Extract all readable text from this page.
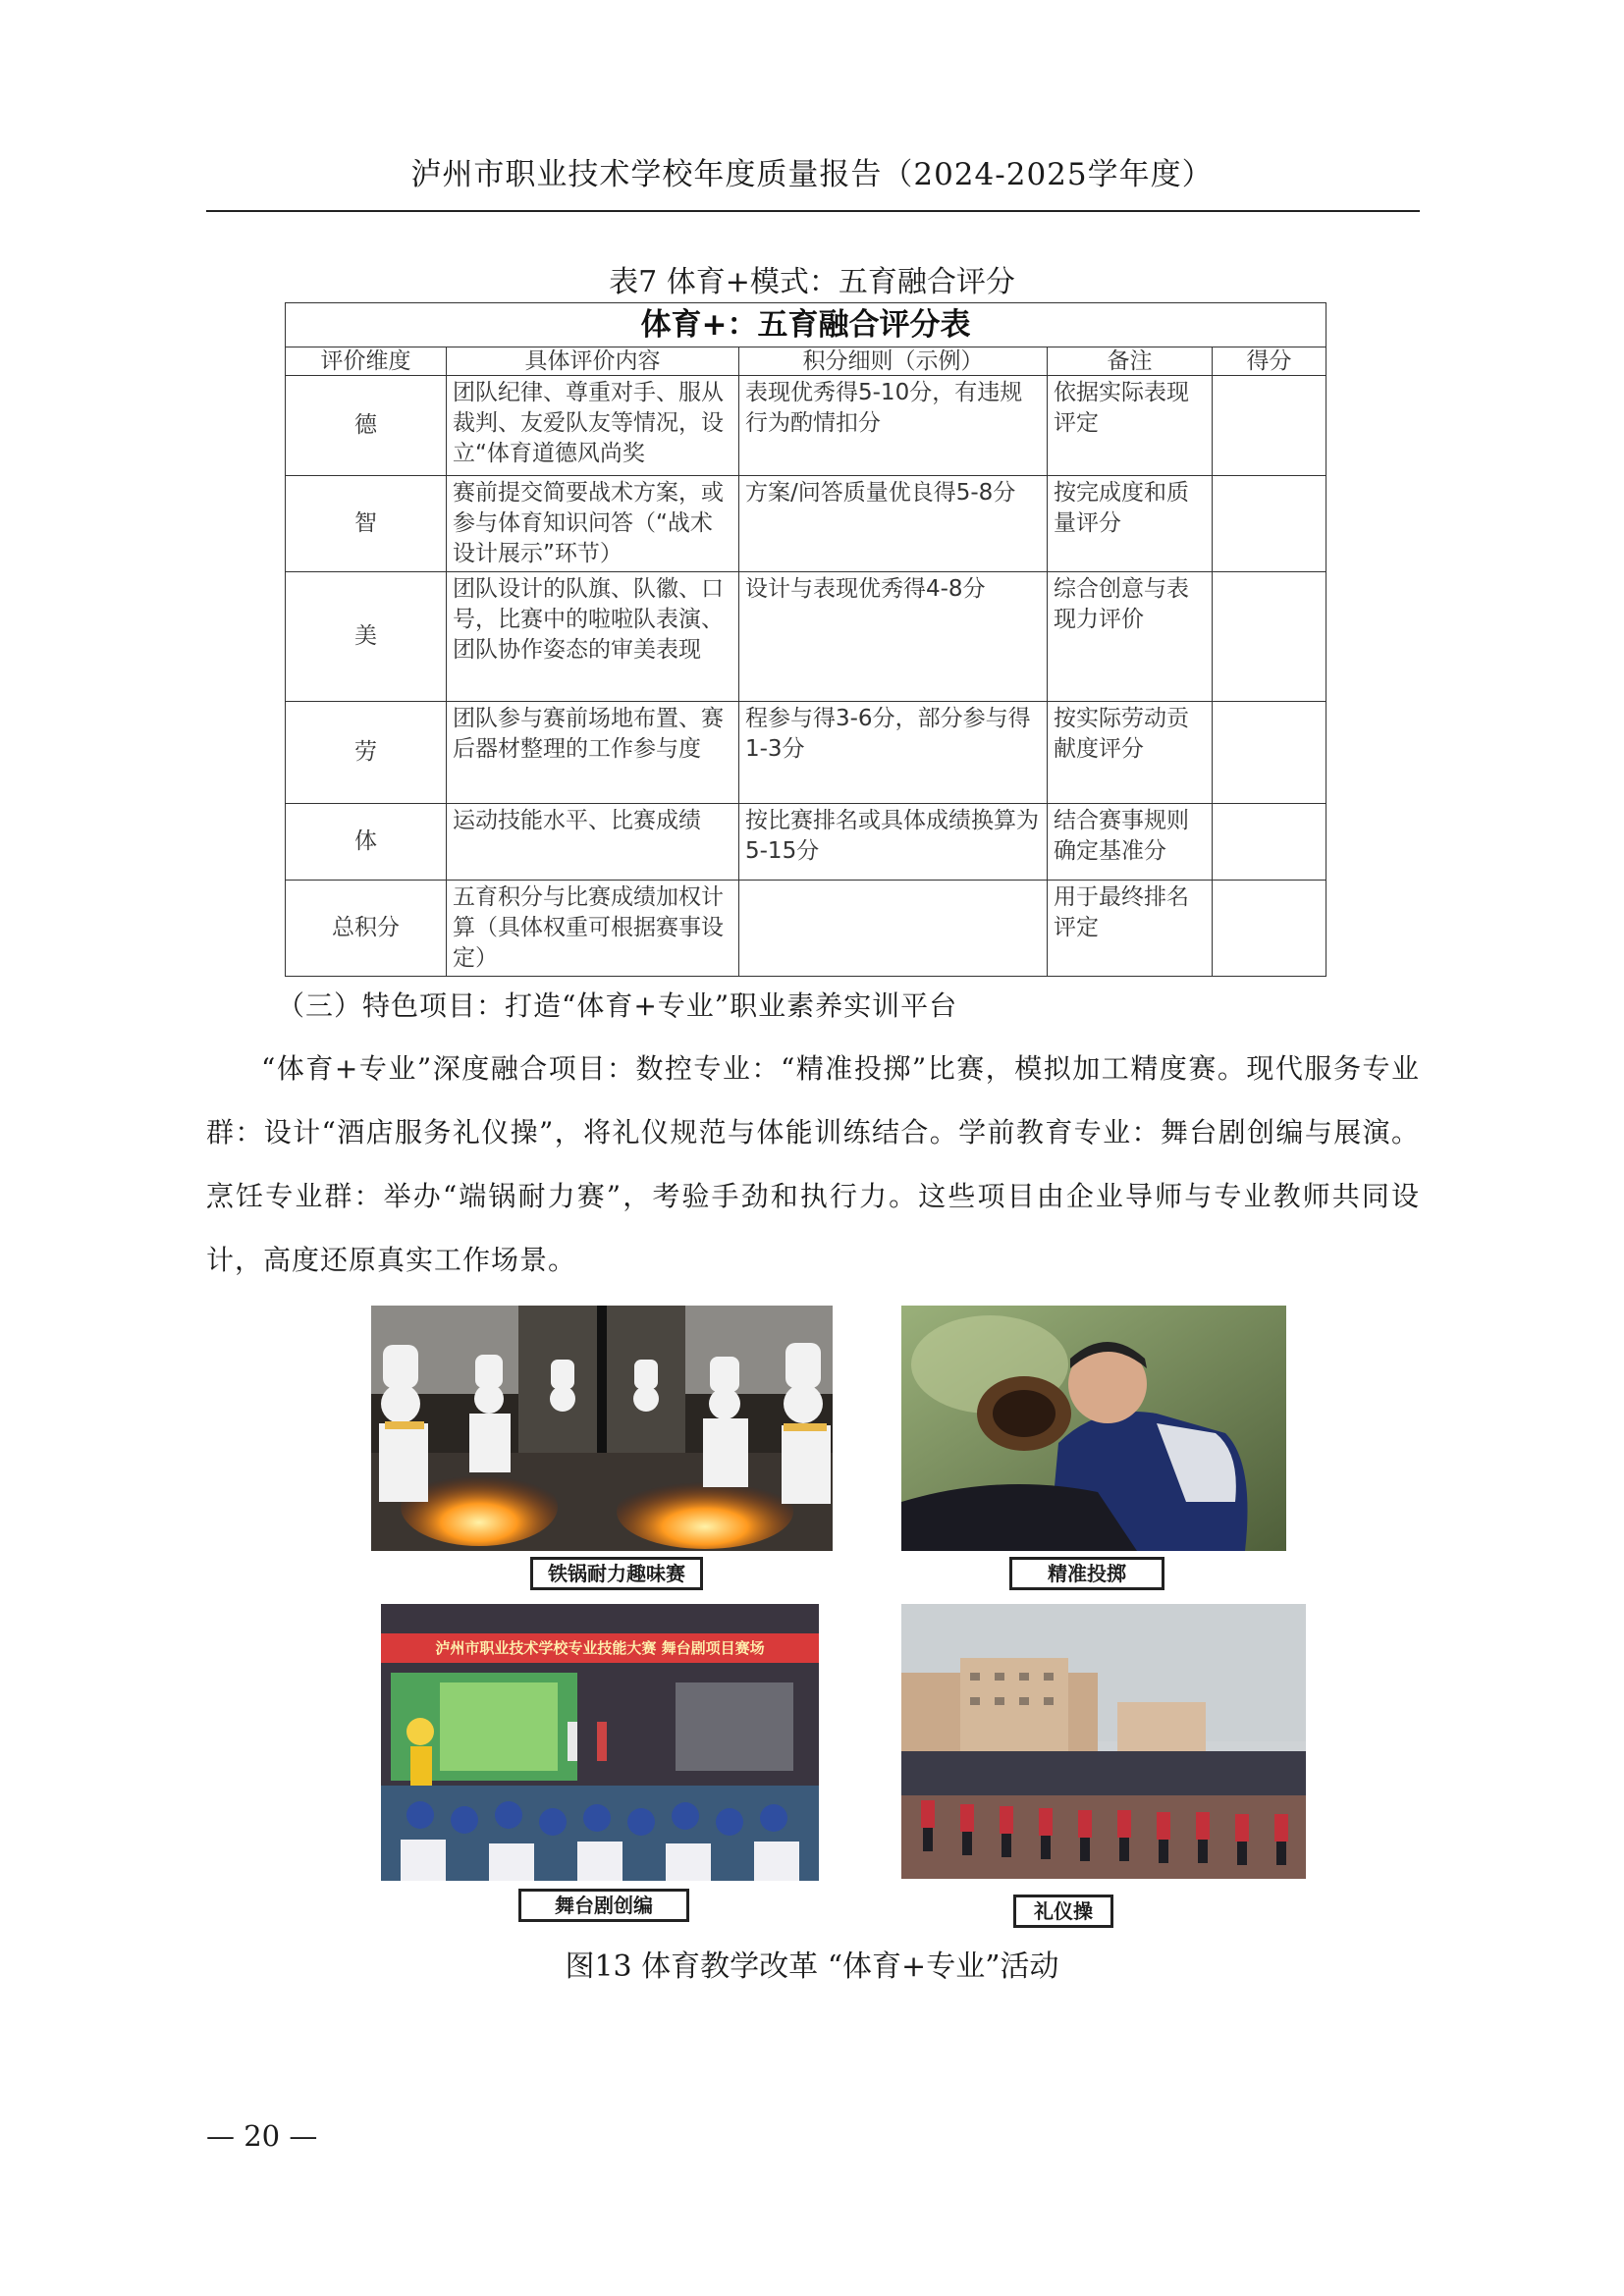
泸州市职业技术学校年度质量报告（2024-2025学年度）
表7 体育+模式：五育融合评分
体育+：五育融合评分表				
评价维度	具体评价内容	积分细则（示例）	备注	得分
德	团队纪律、尊重对手、服从裁判、友爱队友等情况，设立“体育道德风尚奖	表现优秀得5-10分，有违规行为酌情扣分	依据实际表现评定	
智	赛前提交简要战术方案，或参与体育知识问答（“战术设计展示”环节）	方案/问答质量优良得5-8分	按完成度和质量评分	
美	团队设计的队旗、队徽、口号，比赛中的啦啦队表演、团队协作姿态的审美表现	设计与表现优秀得4-8分	综合创意与表现力评价	
劳	团队参与赛前场地布置、赛后器材整理的工作参与度	程参与得3-6分，部分参与得1-3分	按实际劳动贡献度评分	
体	运动技能水平、比赛成绩	按比赛排名或具体成绩换算为5-15分	结合赛事规则确定基准分	
总积分	五育积分与比赛成绩加权计算（具体权重可根据赛事设定）		用于最终排名评定	
（三）特色项目：打造“体育+专业”职业素养实训平台
“体育+专业”深度融合项目：数控专业：“精准投掷”比赛，模拟加工精度赛。现代服务专业群：设计“酒店服务礼仪操”，将礼仪规范与体能训练结合。学前教育专业：舞台剧创编与展演。烹饪专业群：举办“端锅耐力赛”，考验手劲和执行力。这些项目由企业导师与专业教师共同设计，高度还原真实工作场景。
铁锅耐力趣味赛	精准投掷
泸州市职业技术学校专业技能大赛 舞台剧项目赛场
舞台剧创编	礼仪操
图13 体育教学改革 “体育+专业”活动
— 20 —
